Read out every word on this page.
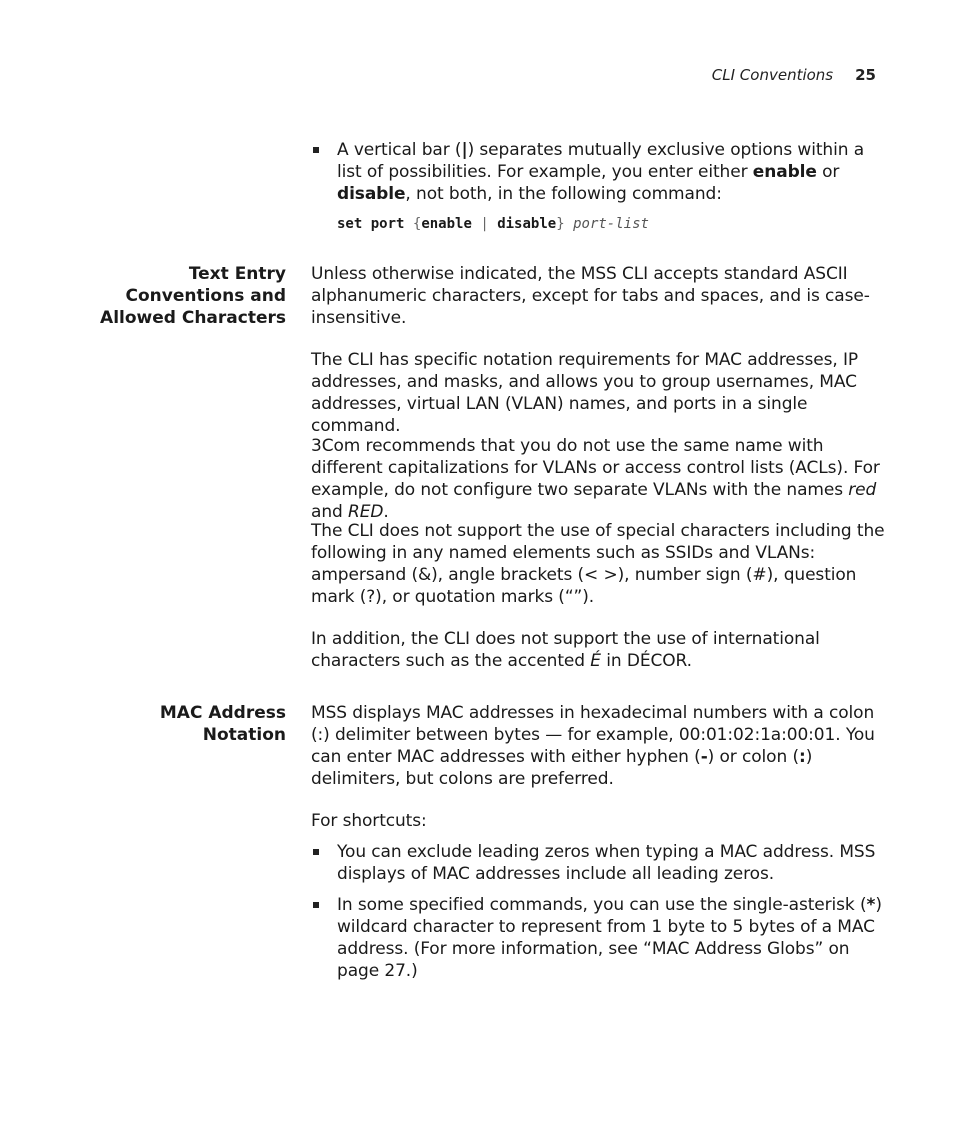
CLI Conventions 25
A vertical bar (|) separates mutually exclusive options within a list of possibilities. For example, you enter either enable or disable, not both, in the following command:
set port {enable | disable} port-list
Text Entry
Conventions and
Allowed Characters

Unless otherwise indicated, the MSS CLI accepts standard ASCII alphanumeric characters, except for tabs and spaces, and is case-insensitive.

The CLI has specific notation requirements for MAC addresses, IP addresses, and masks, and allows you to group usernames, MAC addresses, virtual LAN (VLAN) names, and ports in a single command.

3Com recommends that you do not use the same name with different capitalizations for VLANs or access control lists (ACLs). For example, do not configure two separate VLANs with the names red and RED.

The CLI does not support the use of special characters including the following in any named elements such as SSIDs and VLANs: ampersand (&), angle brackets (< >), number sign (#), question mark (?), or quotation marks (“”).

In addition, the CLI does not support the use of international characters such as the accented É in DÉCOR.

MAC Address
Notation

MSS displays MAC addresses in hexadecimal numbers with a colon (:) delimiter between bytes — for example, 00:01:02:1a:00:01. You can enter MAC addresses with either hyphen (-) or colon (:) delimiters, but colons are preferred.

For shortcuts:

You can exclude leading zeros when typing a MAC address. MSS displays of MAC addresses include all leading zeros.
In some specified commands, you can use the single-asterisk (*) wildcard character to represent from 1 byte to 5 bytes of a MAC address. (For more information, see “MAC Address Globs” on page 27.)
